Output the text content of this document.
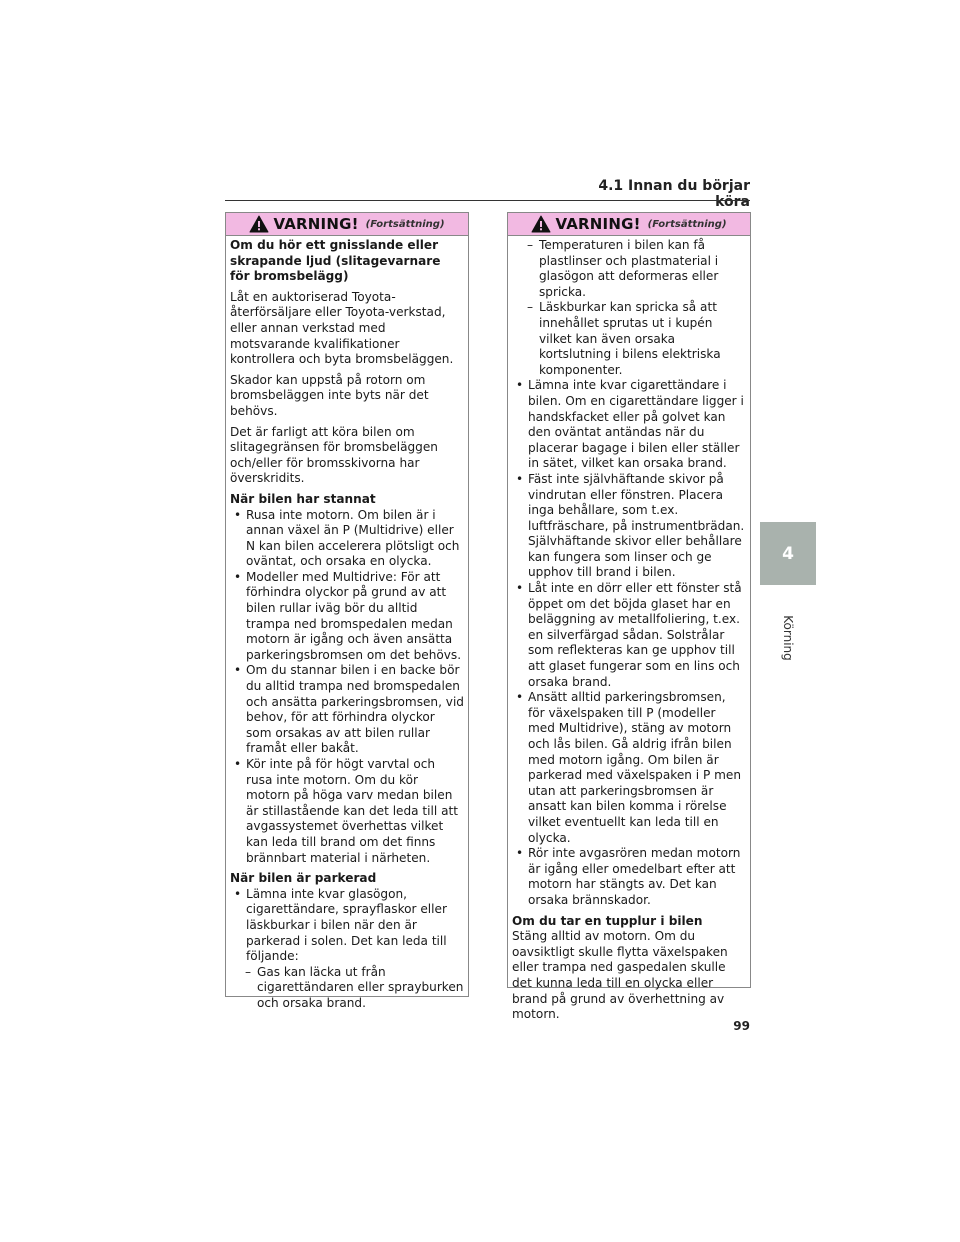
4.1 Innan du börjar köra
4
Körning
VARNING! (Fortsättning)

Om du hör ett gnisslande eller skrapande ljud (slitagevarnare för bromsbelägg)

Låt en auktoriserad Toyota-återförsäljare eller Toyota-verkstad, eller annan verkstad med motsvarande kvalifikationer kontrollera och byta bromsbeläggen.

Skador kan uppstå på rotorn om bromsbeläggen inte byts när det behövs.

Det är farligt att köra bilen om slitagegränsen för bromsbeläggen och/eller för bromsskivorna har överskridits.

När bilen har stannat

• Rusa inte motorn. Om bilen är i annan växel än P (Multidrive) eller N kan bilen accelerera plötsligt och oväntat, och orsaka en olycka.

• Modeller med Multidrive: För att förhindra olyckor på grund av att bilen rullar iväg bör du alltid trampa ned bromspedalen medan motorn är igång och även ansätta parkeringsbromsen om det behövs.

• Om du stannar bilen i en backe bör du alltid trampa ned bromspedalen och ansätta parkeringsbromsen, vid behov, för att förhindra olyckor som orsakas av att bilen rullar framåt eller bakåt.

• Kör inte på för högt varvtal och rusa inte motorn. Om du kör motorn på höga varv medan bilen är stillastående kan det leda till att avgassystemet överhettas vilket kan leda till brand om det finns brännbart material i närheten.

När bilen är parkerad

• Lämna inte kvar glasögon, cigarettändare, sprayflaskor eller läskburkar i bilen när den är parkerad i solen. Det kan leda till följande:

– Gas kan läcka ut från cigarettändaren eller sprayburken och orsaka brand.

VARNING! (Fortsättning)

– Temperaturen i bilen kan få plastlinser och plastmaterial i glasögon att deformeras eller spricka.

– Läskburkar kan spricka så att innehållet sprutas ut i kupén vilket kan även orsaka kortslutning i bilens elektriska komponenter.

• Lämna inte kvar cigarettändare i bilen. Om en cigarettändare ligger i handskfacket eller på golvet kan den oväntat antändas när du placerar bagage i bilen eller ställer in sätet, vilket kan orsaka brand.

• Fäst inte självhäftande skivor på vindrutan eller fönstren. Placera inga behållare, som t.ex. luftfräschare, på instrumentbrädan. Självhäftande skivor eller behållare kan fungera som linser och ge upphov till brand i bilen.

• Låt inte en dörr eller ett fönster stå öppet om det böjda glaset har en beläggning av metallfoliering, t.ex. en silverfärgad sådan. Solstrålar som reflekteras kan ge upphov till att glaset fungerar som en lins och orsaka brand.

• Ansätt alltid parkeringsbromsen, för växelspaken till P (modeller med Multidrive), stäng av motorn och lås bilen. Gå aldrig ifrån bilen med motorn igång. Om bilen är parkerad med växelspaken i P men utan att parkeringsbromsen är ansatt kan bilen komma i rörelse vilket eventuellt kan leda till en olycka.

• Rör inte avgasrören medan motorn är igång eller omedelbart efter att motorn har stängts av. Det kan orsaka brännskador.

Om du tar en tupplur i bilen

Stäng alltid av motorn. Om du oavsiktligt skulle flytta växelspaken eller trampa ned gaspedalen skulle det kunna leda till en olycka eller brand på grund av överhettning av motorn.

99
